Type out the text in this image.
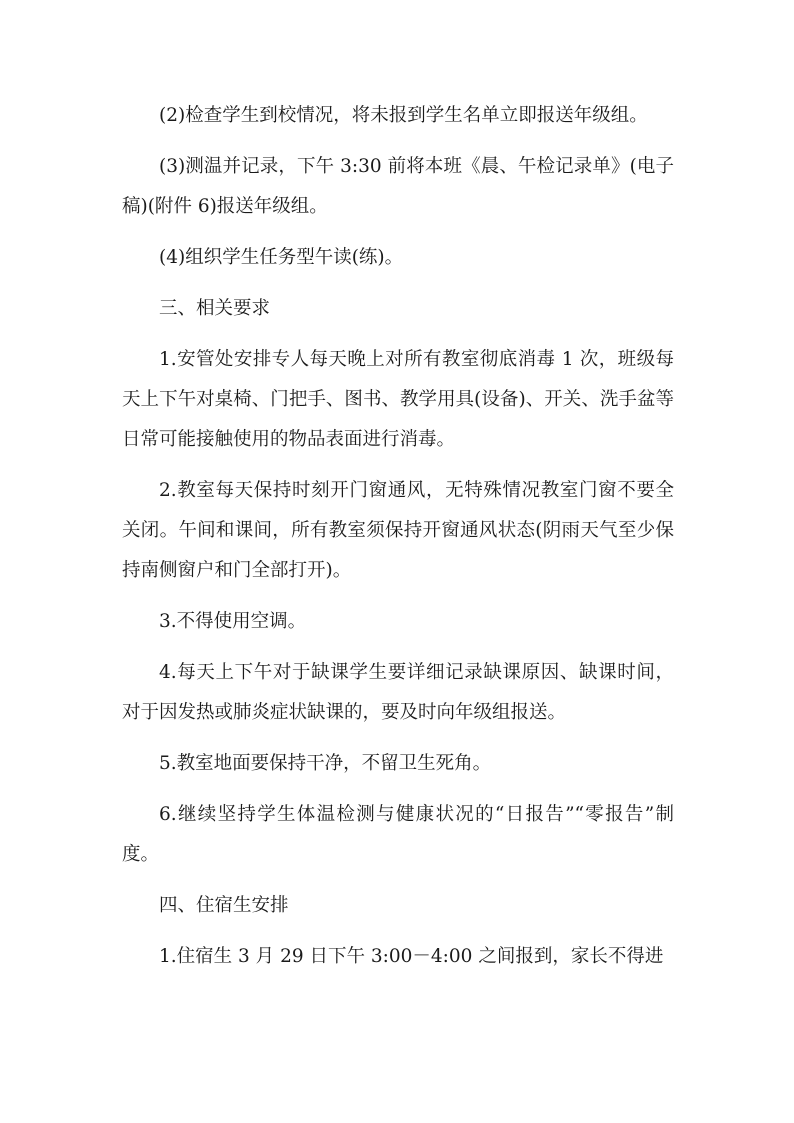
(2)检查学生到校情况，将未报到学生名单立即报送年级组。

(3)测温并记录，下午 3:30 前将本班《晨、午检记录单》(电子稿)(附件 6)报送年级组。

(4)组织学生任务型午读(练)。

三、相关要求

1.安管处安排专人每天晚上对所有教室彻底消毒 1 次，班级每天上下午对桌椅、门把手、图书、教学用具(设备)、开关、洗手盆等日常可能接触使用的物品表面进行消毒。

2.教室每天保持时刻开门窗通风，无特殊情况教室门窗不要全关闭。午间和课间，所有教室须保持开窗通风状态(阴雨天气至少保持南侧窗户和门全部打开)。

3.不得使用空调。

4.每天上下午对于缺课学生要详细记录缺课原因、缺课时间，对于因发热或肺炎症状缺课的，要及时向年级组报送。

5.教室地面要保持干净，不留卫生死角。

6.继续坚持学生体温检测与健康状况的“日报告”“零报告”制度。

四、住宿生安排

1.住宿生 3 月 29 日下午 3:00－4:00 之间报到，家长不得进
